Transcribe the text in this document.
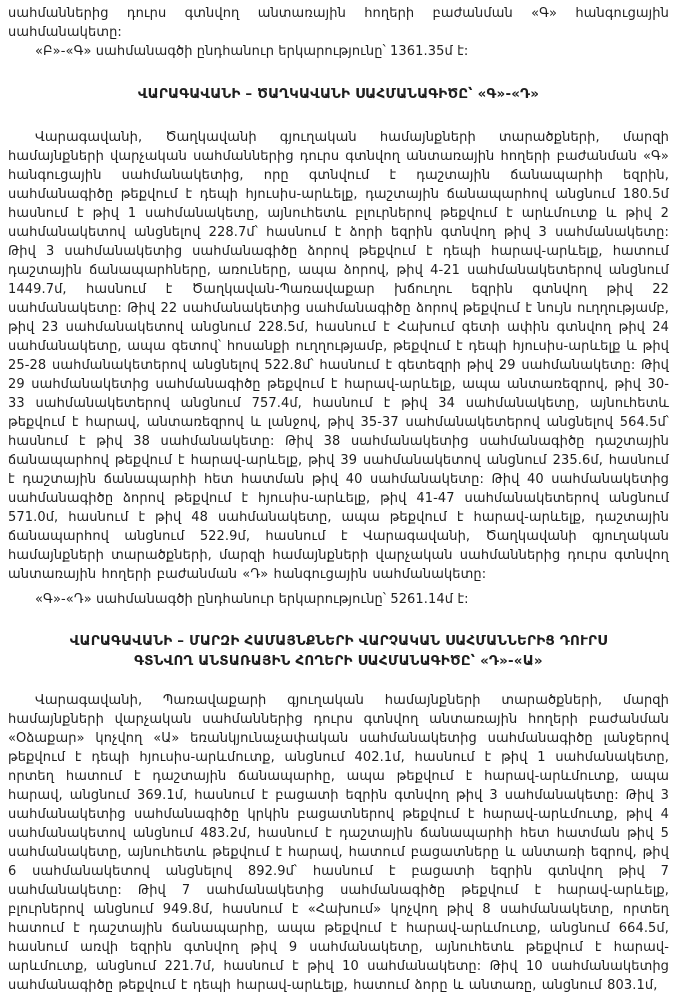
սահմաններից դուրս գտնվող անտառային հողերի բաժանման «Գ» հանգուցային սահմանակետը:

«Բ»-«Գ» սահմանագծի ընդհանուր երկարությունը՝ 1361.35մ է:

ՎԱՐԱԳԱՎԱՆԻ – ԾԱՂԿԱՎԱՆԻ ՍԱՀՄԱՆԱԳԻԾԸ՝ «Գ»-«Դ»

Վարագավանի, Ծաղկավանի գյուղական համայնքների տարածքների, մարզի համայնքների վարչական սահմաններից դուրս գտնվող անտառային հողերի բաժանման «Գ» հանգուցային սահմանակետից, որը գտնվում է դաշտային ճանապարհի եզրին, սահմանագիծը թեքվում է դեպի հյուսիս-արևելք, դաշտային ճանապարհով անցնում 180.5մ հասնում է թիվ 1 սահմանակետը, այնուհետև բլուրներով թեքվում է արևմուտք և թիվ 2 սահմանակետով անցնելով 228.7մ՝ հասնում է ձորի եզրին գտնվող թիվ 3 սահմանակետը: Թիվ 3 սահմանակետից սահմանագիծը ձորով թեքվում է դեպի հարավ-արևելք, հատում դաշտային ճանապարհները, առուները, ապա ձորով, թիվ 4-21 սահմանակետերով անցնում 1449.7մ, հասնում է Ծաղկավան-Պառավաքար խճուղու եզրին գտնվող թիվ 22 սահմանակետը: Թիվ 22 սահմանակետից սահմանագիծը ձորով թեքվում է նույն ուղղությամբ, թիվ 23 սահմանակետով անցնում 228.5մ, հասնում է Հախում գետի ափին գտնվող թիվ 24 սահմանակետը, ապա գետով՝ հոսանքի ուղղությամբ, թեքվում է դեպի հյուսիս-արևելք և թիվ 25-28 սահմանակետերով անցնելով 522.8մ՝ հասնում է գետեզրի թիվ 29 սահմանակետը: Թիվ 29 սահմանակետից սահմանագիծը թեքվում է հարավ-արևելք, ապա անտառեզրով, թիվ 30-33 սահմանակետերով անցնում 757.4մ, հասնում է թիվ 34 սահմանակետը, այնուհետև թեքվում է հարավ, անտառեզրով և լանջով, թիվ 35-37 սահմանակետերով անցնելով 564.5մ՝ հասնում է թիվ 38 սահմանակետը: Թիվ 38 սահմանակետից սահմանագիծը դաշտային ճանապարհով թեքվում է հարավ-արևելք, թիվ 39 սահմանակետով անցնում 235.6մ, հասնում է դաշտային ճանապարհի հետ հատման թիվ 40 սահմանակետը: Թիվ 40 սահմանակետից սահմանագիծը ձորով թեքվում է հյուսիս-արևելք, թիվ 41-47 սահմանակետերով անցնում 571.0մ, հասնում է թիվ 48 սահմանակետը, ապա թեքվում է հարավ-արևելք, դաշտային ճանապարհով անցնում 522.9մ, հասնում է Վարագավանի, Ծաղկավանի գյուղական համայնքների տարածքների, մարզի համայնքների վարչական սահմաններից դուրս գտնվող անտառային հողերի բաժանման «Դ» հանգուցային սահմանակետը:

«Գ»-«Դ» սահմանագծի ընդհանուր երկարությունը՝ 5261.14մ է:

ՎԱՐԱԳԱՎԱՆԻ – ՄԱՐԶԻ ՀԱՄԱՅՆՔՆԵՐԻ ՎԱՐՉԱԿԱՆ ՍԱՀՄԱՆՆԵՐԻՑ ԴՈՒՐՍ ԳՏՆՎՈՂ ԱՆՏԱՌԱՅԻՆ ՀՈՂԵՐԻ ՍԱՀՄԱՆԱԳԻԾԸ՝ «Դ»-«Ա»

Վարագավանի, Պառավաքարի գյուղական համայնքների տարածքների, մարզի համայնքների վարչական սահմաններից դուրս գտնվող անտառային հողերի բաժանման «Օձաքար» կոչվող «Ա» եռանկյունաչափական սահմանակետից սահմանագիծը լանջերով թեքվում է դեպի հյուսիս-արևմուտք, անցնում 402.1մ, հասնում է թիվ 1 սահմանակետը, որտեղ հատում է դաշտային ճանապարհը, ապա թեքվում է հարավ-արևմուտք, ապա հարավ, անցնում 369.1մ, հասնում է բացատի եզրին գտնվող թիվ 3 սահմանակետը: Թիվ 3 սահմանակետից սահմանագիծը կրկին բացատներով թեքվում է հարավ-արևմուտք, թիվ 4 սահմանակետով անցնում 483.2մ, հասնում է դաշտային ճանապարհի հետ հատման թիվ 5 սահմանակետը, այնուհետև թեքվում է հարավ, հատում բացատները և անտառի եզրով, թիվ 6 սահմանակետով անցնելով 892.9մ՝ հասնում է բացատի եզրին գտնվող թիվ 7 սահմանակետը: Թիվ 7 սահմանակետից սահմանագիծը թեքվում է հարավ-արևելք, բլուրներով անցնում 949.8մ, հասնում է «Հախում» կոչվող թիվ 8 սահմանակետը, որտեղ հատում է դաշտային ճանապարհը, ապա թեքվում է հարավ-արևմուտք, անցնում 664.5մ, հասնում առվի եզրին գտնվող թիվ 9 սահմանակետը, այնուհետև թեքվում է հարավ-արևմուտք, անցնում 221.7մ, հասնում է թիվ 10 սահմանակետը: Թիվ 10 սահմանակետից սահմանագիծը թեքվում է դեպի հարավ-արևելք, հատում ձորը և անտառը, անցնում 803.1մ,
